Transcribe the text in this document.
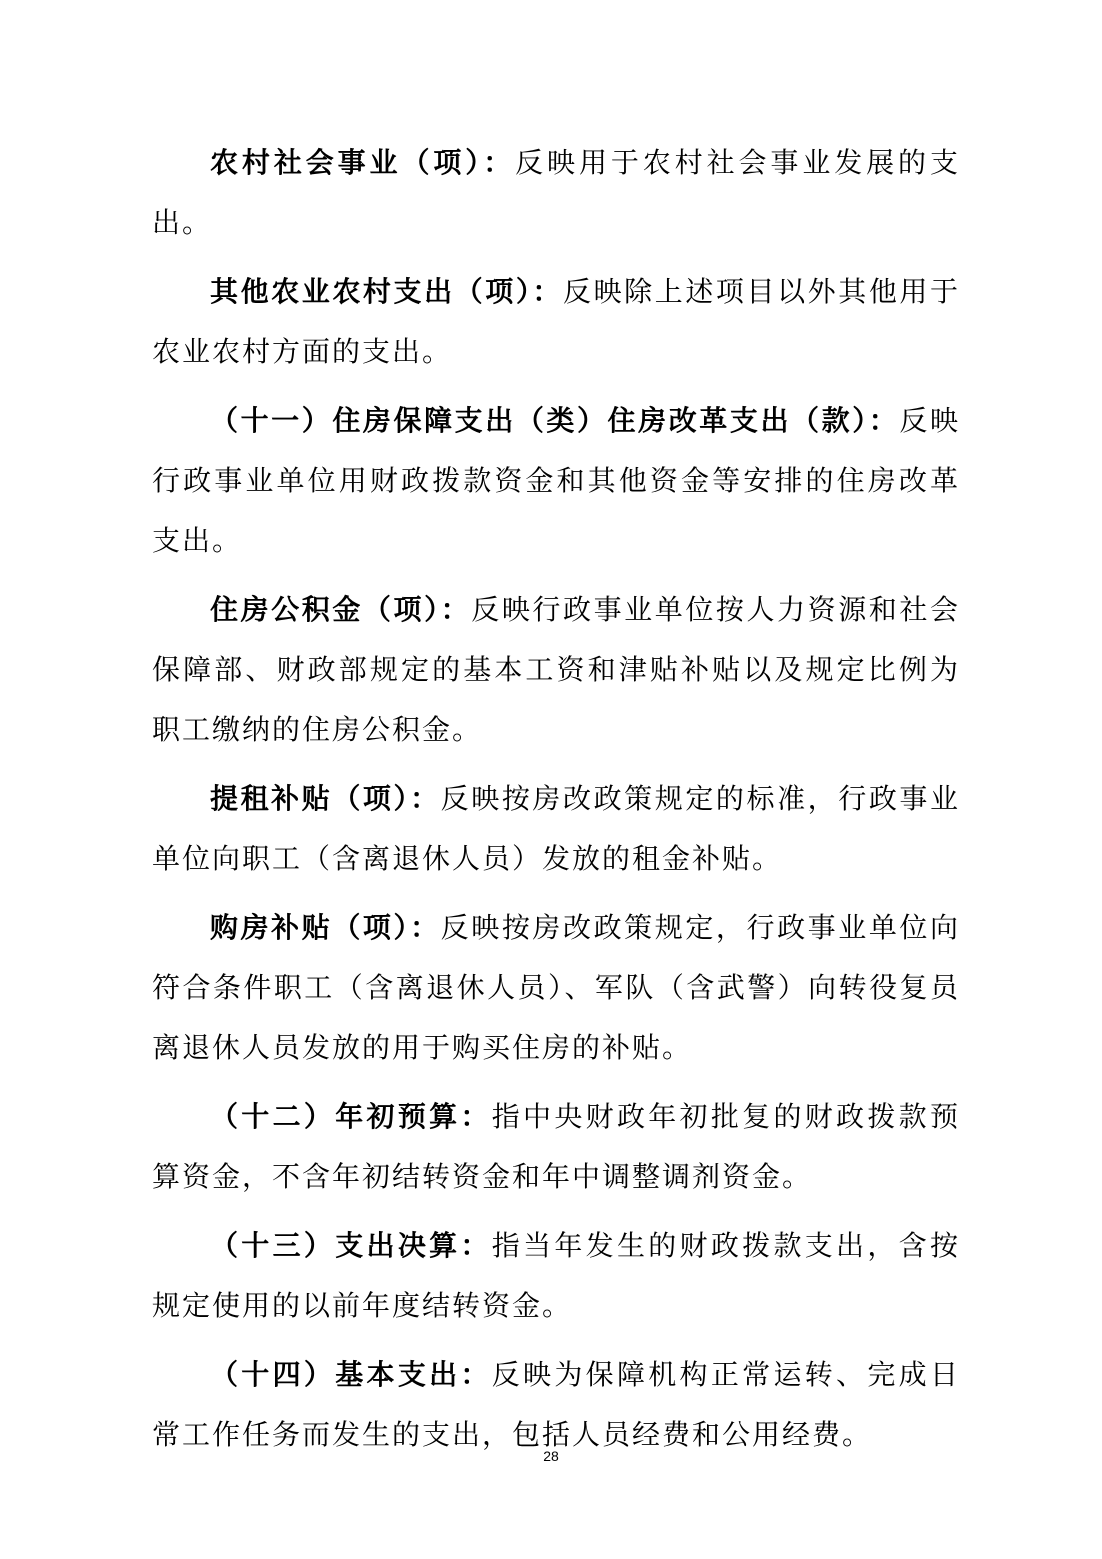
农村社会事业（项）：反映用于农村社会事业发展的支出。

其他农业农村支出（项）：反映除上述项目以外其他用于农业农村方面的支出。

（十一）住房保障支出（类）住房改革支出（款）：反映行政事业单位用财政拨款资金和其他资金等安排的住房改革支出。

住房公积金（项）：反映行政事业单位按人力资源和社会保障部、财政部规定的基本工资和津贴补贴以及规定比例为职工缴纳的住房公积金。

提租补贴（项）：反映按房改政策规定的标准，行政事业单位向职工（含离退休人员）发放的租金补贴。

购房补贴（项）：反映按房改政策规定，行政事业单位向符合条件职工（含离退休人员）、军队（含武警）向转役复员离退休人员发放的用于购买住房的补贴。

（十二）年初预算：指中央财政年初批复的财政拨款预算资金，不含年初结转资金和年中调整调剂资金。

（十三）支出决算：指当年发生的财政拨款支出，含按规定使用的以前年度结转资金。

（十四）基本支出：反映为保障机构正常运转、完成日常工作任务而发生的支出，包括人员经费和公用经费。

28
